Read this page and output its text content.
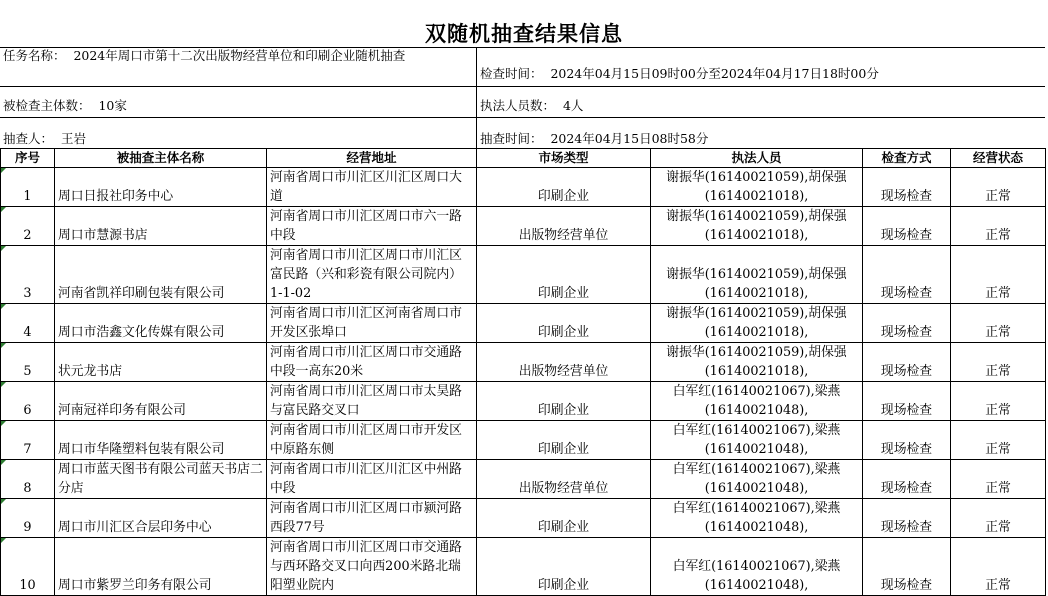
双随机抽查结果信息
任务名称：  2024年周口市第十二次出版物经营单位和印刷企业随机抽查
检查时间：  2024年04月15日09时00分至2024年04月17日18时00分
被检查主体数：  10家	执法人员数：  4人
抽查人：  王岩	抽查时间：  2024年04月15日08时58分
序号	被抽查主体名称	经营地址	市场类型	执法人员	检查方式	经营状态
1	周口日报社印务中心	河南省周口市川汇区川汇区周口大道	印刷企业	谢振华(16140021059),胡保强(16140021018),	现场检查	正常
2	周口市慧源书店	河南省周口市川汇区周口市六一路中段	出版物经营单位	谢振华(16140021059),胡保强(16140021018),	现场检查	正常
3	河南省凯祥印刷包装有限公司	河南省周口市川汇区周口市川汇区富民路（兴和彩瓷有限公司院内）1-1-02	印刷企业	谢振华(16140021059),胡保强(16140021018),	现场检查	正常
4	周口市浩鑫文化传媒有限公司	河南省周口市川汇区河南省周口市开发区张埠口	印刷企业	谢振华(16140021059),胡保强(16140021018),	现场检查	正常
5	状元龙书店	河南省周口市川汇区周口市交通路中段一高东20米	出版物经营单位	谢振华(16140021059),胡保强(16140021018),	现场检查	正常
6	河南冠祥印务有限公司	河南省周口市川汇区周口市太昊路与富民路交叉口	印刷企业	白军红(16140021067),梁燕(16140021048),	现场检查	正常
7	周口市华隆塑料包装有限公司	河南省周口市川汇区周口市开发区中原路东侧	印刷企业	白军红(16140021067),梁燕(16140021048),	现场检查	正常
8	周口市蓝天图书有限公司蓝天书店二分店	河南省周口市川汇区川汇区中州路中段	出版物经营单位	白军红(16140021067),梁燕(16140021048),	现场检查	正常
9	周口市川汇区合层印务中心	河南省周口市川汇区周口市颍河路西段77号	印刷企业	白军红(16140021067),梁燕(16140021048),	现场检查	正常
10	周口市紫罗兰印务有限公司	河南省周口市川汇区周口市交通路与西环路交叉口向西200米路北瑞阳塑业院内	印刷企业	白军红(16140021067),梁燕(16140021048),	现场检查	正常
